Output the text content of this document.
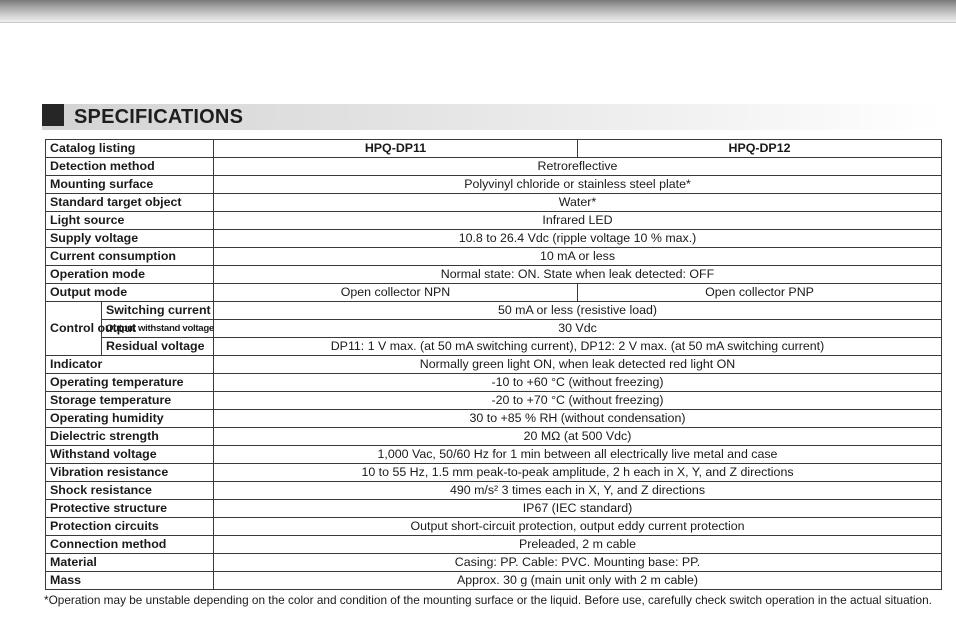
SPECIFICATIONS
Catalog listing		HPQ-DP11	HPQ-DP12
Detection method		Retroreflective	
Mounting surface		Polyvinyl chloride or stainless steel plate*	
Standard target object		Water*	
Light source		Infrared LED	
Supply voltage		10.8 to 26.4 Vdc (ripple voltage 10 % max.)	
Current consumption		10 mA or less	
Operation mode		Normal state: ON. State when leak detected: OFF	
Output mode		Open collector NPN	Open collector PNP
Control output	Switching current	50 mA or less (resistive load)	
	Output withstand voltage	30 Vdc	
	Residual voltage	DP11: 1 V max. (at 50 mA switching current), DP12: 2 V max. (at 50 mA switching current)	
Indicator		Normally green light ON, when leak detected red light ON	
Operating temperature		-10 to +60 °C (without freezing)	
Storage temperature		-20 to +70 °C (without freezing)	
Operating humidity		30 to +85 % RH (without condensation)	
Dielectric strength		20 MΩ (at 500 Vdc)	
Withstand voltage		1,000 Vac, 50/60 Hz for 1 min between all electrically live metal and case	
Vibration resistance		10 to 55 Hz, 1.5 mm peak-to-peak amplitude, 2 h each in X, Y, and Z directions	
Shock resistance		490 m/s² 3 times each in X, Y, and Z directions	
Protective structure		IP67 (IEC standard)	
Protection circuits		Output short-circuit protection, output eddy current protection	
Connection method		Preleaded, 2 m cable	
Material		Casing: PP. Cable: PVC. Mounting base: PP.	
Mass		Approx. 30 g (main unit only with 2 m cable)	
*Operation may be unstable depending on the color and condition of the mounting surface or the liquid. Before use, carefully check switch operation in the actual situation.
